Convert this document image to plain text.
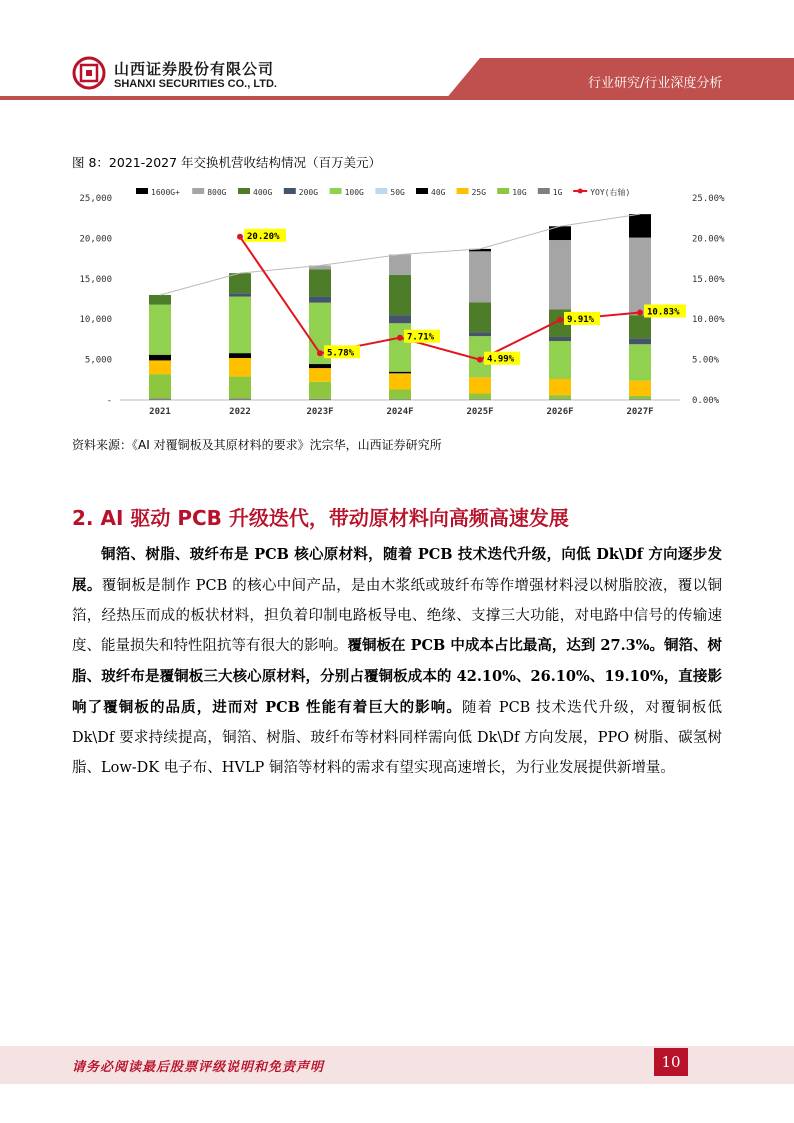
山西证券股份有限公司
SHANXI SECURITIES CO., LTD.	行业研究/行业深度分析
图 8：2021-2027 年交换机营收结构情况（百万美元）
-
5,000
10,000
15,000
20,000
25,000
0.00%
5.00%
10.00%
15.00%
20.00%
25.00%
2021	2022	2023F	2024F	2025F	2026F	2027F
20.20%
5.78%
7.71%
4.99%
9.91%
10.83%
1600G+	800G	400G	200G	100G	50G	40G	25G	10G	1G	YOY(右轴)
资料来源：《AI 对覆铜板及其原材料的要求》沈宗华，山西证券研究所
2. AI 驱动 PCB 升级迭代，带动原材料向高频高速发展
铜箔、树脂、玻纤布是 PCB 核心原材料，随着 PCB 技术迭代升级，向低 Dk\Df 方向逐步发展。覆铜板是制作 PCB 的核心中间产品，是由木浆纸或玻纤布等作增强材料浸以树脂胶液，覆以铜箔，经热压而成的板状材料，担负着印制电路板导电、绝缘、支撑三大功能，对电路中信号的传输速度、能量损失和特性阻抗等有很大的影响。覆铜板在 PCB 中成本占比最高，达到 27.3%。铜箔、树脂、玻纤布是覆铜板三大核心原材料，分别占覆铜板成本的 42.10%、26.10%、19.10%，直接影响了覆铜板的品质，进而对 PCB 性能有着巨大的影响。随着 PCB 技术迭代升级，对覆铜板低 Dk\Df 要求持续提高，铜箔、树脂、玻纤布等材料同样需向低 Dk\Df 方向发展，PPO 树脂、碳氢树脂、Low-DK 电子布、HVLP 铜箔等材料的需求有望实现高速增长，为行业发展提供新增量。
请务必阅读最后股票评级说明和免责声明	10
